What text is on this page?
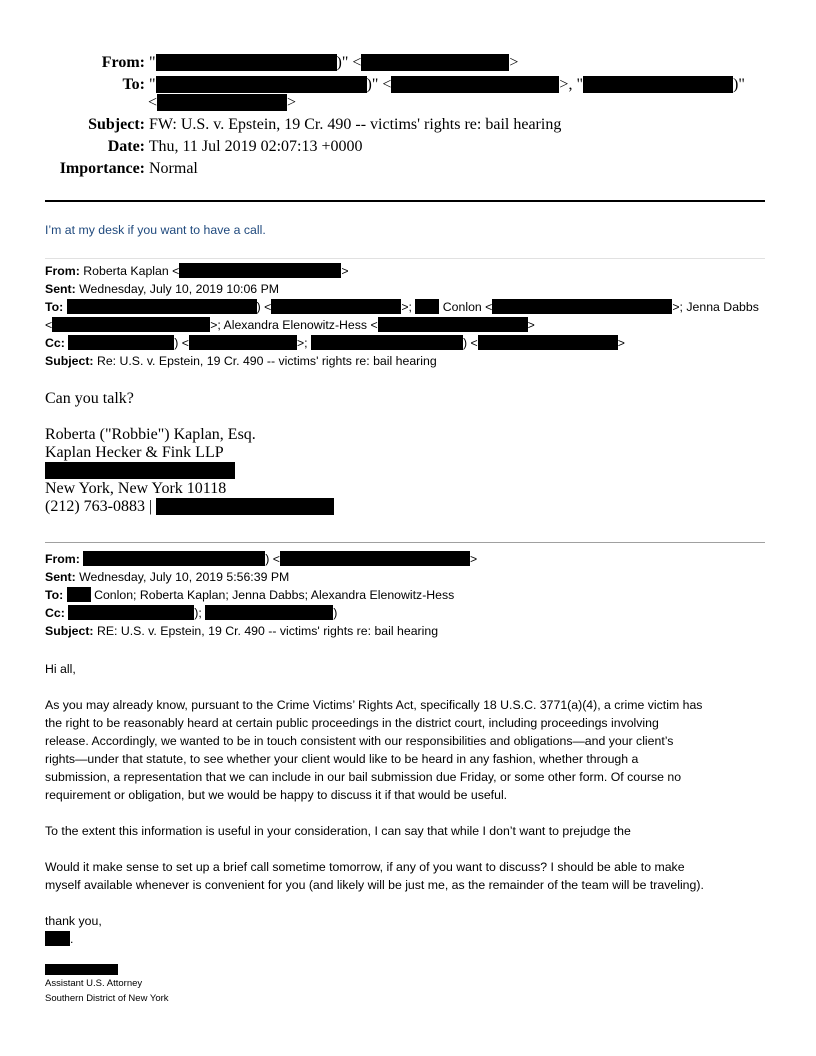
From: "	)" <	>
To: "	)" <	>, "	)"
<	>
Subject: FW: U.S. v. Epstein, 19 Cr. 490 -- victims' rights re: bail hearing
Date: Thu, 11 Jul 2019 02:07:13 +0000
Importance: Normal
I’m at my desk if you want to have a call.
From: Roberta Kaplan <	>
Sent: Wednesday, July 10, 2019 10:06 PM
To:	) <	>;	Conlon <	>; Jenna Dabbs
<	>; Alexandra Elenowitz-Hess <	>
Cc:	) <	>;	) <	>
Subject: Re: U.S. v. Epstein, 19 Cr. 490 -- victims' rights re: bail hearing
Can you talk?
Roberta ("Robbie") Kaplan, Esq.
Kaplan Hecker & Fink LLP
New York, New York 10118
(212) 763-0883 |
From:	) <	>
Sent: Wednesday, July 10, 2019 5:56:39 PM
To:	Conlon; Roberta Kaplan; Jenna Dabbs; Alexandra Elenowitz-Hess
Cc:	);	)
Subject: RE: U.S. v. Epstein, 19 Cr. 490 -- victims' rights re: bail hearing
Hi all,
As you may already know, pursuant to the Crime Victims’ Rights Act, specifically 18 U.S.C. 3771(a)(4), a crime victim has
the right to be reasonably heard at certain public proceedings in the district court, including proceedings involving
release. Accordingly, we wanted to be in touch consistent with our responsibilities and obligations—and your client’s
rights—under that statute, to see whether your client would like to be heard in any fashion, whether through a
submission, a representation that we can include in our bail submission due Friday, or some other form. Of course no
requirement or obligation, but we would be happy to discuss it if that would be useful.
To the extent this information is useful in your consideration, I can say that while I don’t want to prejudge the
Would it make sense to set up a brief call sometime tomorrow, if any of you want to discuss? I should be able to make
myself available whenever is convenient for you (and likely will be just me, as the remainder of the team will be traveling).
thank you,
.
Assistant U.S. Attorney
Southern District of New York
